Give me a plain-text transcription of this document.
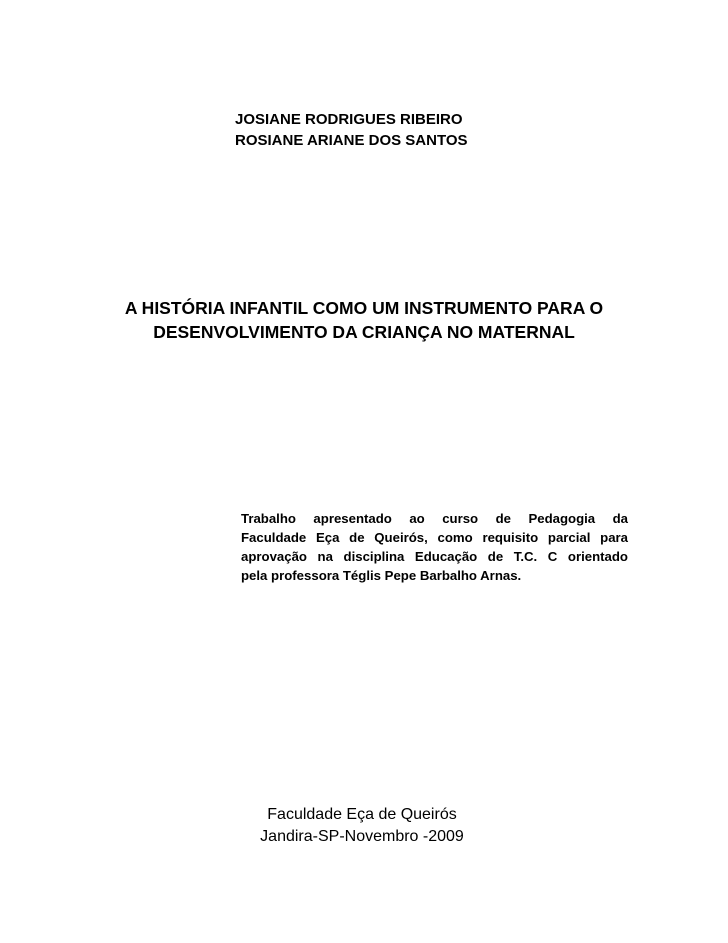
JOSIANE RODRIGUES RIBEIRO
ROSIANE ARIANE DOS SANTOS
A HISTÓRIA INFANTIL COMO UM INSTRUMENTO PARA O
DESENVOLVIMENTO DA CRIANÇA NO MATERNAL
Trabalho apresentado ao curso de Pedagogia da
Faculdade Eça de Queirós, como requisito parcial para
aprovação na disciplina Educação de T.C. C orientado
pela professora Téglis Pepe Barbalho Arnas.
Faculdade Eça de Queirós
Jandira-SP-Novembro -2009
